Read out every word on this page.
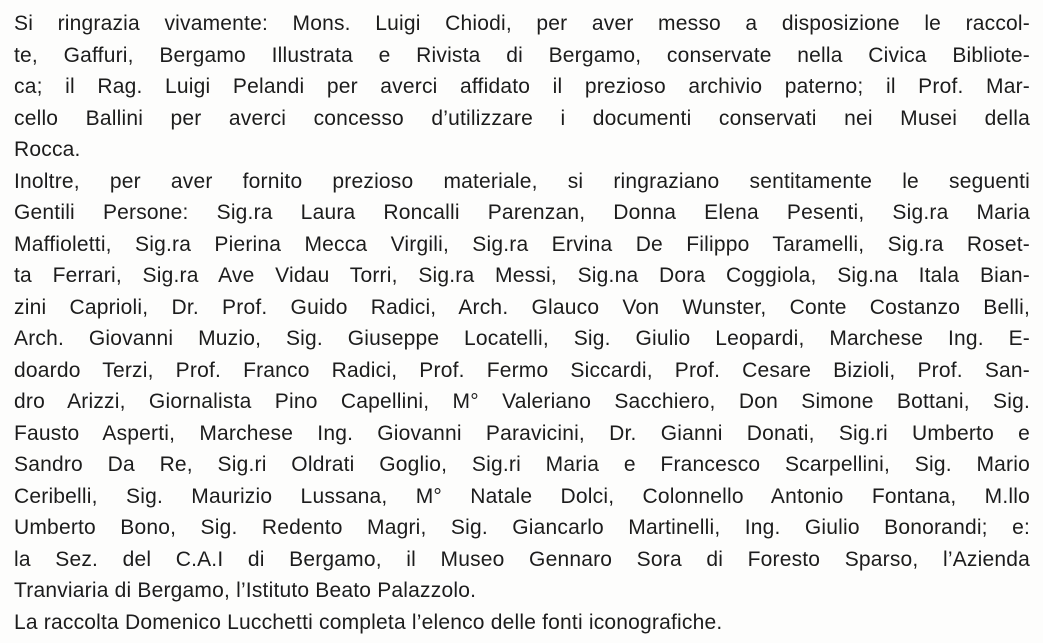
Si ringrazia vivamente: Mons. Luigi Chiodi, per aver messo a disposizione le raccol-
te, Gaffuri, Bergamo Illustrata e Rivista di Bergamo, conservate nella Civica Bibliote-
ca; il Rag. Luigi Pelandi per averci affidato il prezioso archivio paterno; il Prof. Mar-
cello Ballini per averci concesso d’utilizzare i documenti conservati nei Musei della
Rocca.
Inoltre, per aver fornito prezioso materiale, si ringraziano sentitamente le seguenti
Gentili Persone: Sig.ra Laura Roncalli Parenzan, Donna Elena Pesenti, Sig.ra Maria
Maffioletti, Sig.ra Pierina Mecca Virgili, Sig.ra Ervina De Filippo Taramelli, Sig.ra Roset-
ta Ferrari, Sig.ra Ave Vidau Torri, Sig.ra Messi, Sig.na Dora Coggiola, Sig.na Itala Bian-
zini Caprioli, Dr. Prof. Guido Radici, Arch. Glauco Von Wunster, Conte Costanzo Belli,
Arch. Giovanni Muzio, Sig. Giuseppe Locatelli, Sig. Giulio Leopardi, Marchese Ing. E-
doardo Terzi, Prof. Franco Radici, Prof. Fermo Siccardi, Prof. Cesare Bizioli, Prof. San-
dro Arizzi, Giornalista Pino Capellini, M° Valeriano Sacchiero, Don Simone Bottani, Sig.
Fausto Asperti, Marchese Ing. Giovanni Paravicini, Dr. Gianni Donati, Sig.ri Umberto e
Sandro Da Re, Sig.ri Oldrati Goglio, Sig.ri Maria e Francesco Scarpellini, Sig. Mario
Ceribelli, Sig. Maurizio Lussana, M° Natale Dolci, Colonnello Antonio Fontana, M.llo
Umberto Bono, Sig. Redento Magri, Sig. Giancarlo Martinelli, Ing. Giulio Bonorandi; e:
la Sez. del C.A.I di Bergamo, il Museo Gennaro Sora di Foresto Sparso, l’Azienda
Tranviaria di Bergamo, l’Istituto Beato Palazzolo.
La raccolta Domenico Lucchetti completa l’elenco delle fonti iconografiche.
